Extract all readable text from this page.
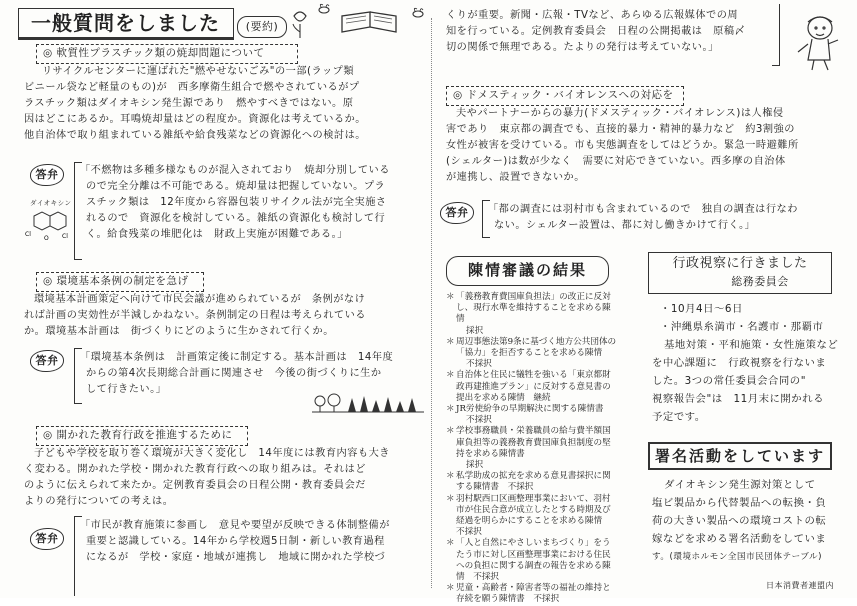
一般質問をしました	(要約)
◎ 軟質性プラスチック類の焼却問題について
リサイクルセンターに運ばれた"燃やせないごみ"の一部(ラップ類
ビニール袋など軽量のもの)が　西多摩衛生組合で燃やされているがプ
ラスチック類はダイオキシン発生源であり　燃やすべきではない。原
因はどこにあるか。耳鳴焼却量はどの程度か。資源化は考えているか。
他自治体で取り組まれている雑紙や給食残菜などの資源化への検討は。
答弁	「不燃物は多種多様なものが混入されており　焼却分別している
ので完全分離は不可能である。焼却量は把握していない。プラ
スチック類は　12年度から容器包装リサイクル法が完全実施さ
れるので　資源化を検討している。雑紙の資源化も検討して行
く。給食残菜の堆肥化は　財政上実施が困難である。」
ダイオキシン
Cl	Cl
O
◎ 環境基本条例の制定を急げ
環境基本計画策定へ向けて市民会議が進められているが　条例がなけ
れば計画の実効性が半減しかねない。条例制定の日程は考えられている
か。環境基本計画は　街づくりにどのように生かされて行くか。
答弁	「環境基本条例は　計画策定後に制定する。基本計画は　14年度
からの第4次長期総合計画に関連させ　今後の街づくりに生か
して行きたい。」
◎ 開かれた教育行政を推進するために
子どもや学校を取り巻く環境が大きく変化し　14年度には教育内容も大き
く変わる。開かれた学校・開かれた教育行政への取り組みは。それはど
のように伝えられて来たか。定例教育委員会の日程公開・教育委員会だ
よりの発行についての考えは。
答弁
「市民が教育施策に参画し　意見や要望が反映できる体制整備が
重要と認識している。14年から学校週5日制・新しい教育過程
になるが　学校・家庭・地域が連携し　地域に開かれた学校づ
くりが重要。新聞・広報・TVなど、あらゆる広報媒体での周
知を行っている。定例教育委員会　日程の公開掲載は　原稿〆
切の関係で無理である。たよりの発行は考えていない。」
◎ ドメスティック・バイオレンスへの対応を
夫やパートナーからの暴力(ドメスティック・バイオレンス)は人権侵
害であり　東京都の調査でも、直接的暴力・精神的暴力など　約3割強の
女性が被害を受けている。市も実態調査をしてはどうか。緊急一時避難所
(シェルター)は数が少なく　需要に対応できていない。西多摩の自治体
が連携し、設置できないか。
答弁	「都の調査には羽村市も含まれているので　独自の調査は行なわ
ない。シェルター設置は、都に対し働きかけて行く。」
陳情審議の結果
＊ 「義務教育費国庫負担法」の改正に反対し、現行水準を維持することを求める陳情
採択
＊ 周辺事態法第9条に基づく地方公共団体の「協力」を拒否することを求める陳情
不採択
＊ 自治体と住民に犠牲を強いる「東京都財政再建推進プラン」に反対する意見書の提出を求める陳情　 継続
＊ JR労使紛争の早期解決に関する陳情書
不採択
＊ 学校事務職員・栄養職員の給与費半額国庫負担等の義務教育費国庫負担制度の堅持を求める陳情書
採択
＊ 私学助成の拡充を求める意見書採択に関する陳情書　 不採択
＊ 羽村駅西口区画整理事業において、羽村市が住民合意が成立したとする時期及び経過を明らかにすることを求める陳情　不採択
＊ 「人と自然にやさしいまちづくり」をうたう市に対し区画整理事業における住民への負担に関する調査の報告を求める陳情　 不採択
＊ 児童・高齢者・障害者等の福祉の維持と存続を願う陳情書　 不採択
行政視察に行きました
総務委員会
・10月4日～6日
・沖縄県糸満市・名護市・那覇市
基地対策・平和施策・女性施策など
を中心課題に　行政視察を行ないま
した。3つの常任委員会合同の"
視察報告会"は　11月末に開かれる
予定です。
署名活動をしています
ダイオキシン発生源対策として
塩ビ製品から代替製品への転換・負
荷の大きい製品への環境コストの転
嫁などを求める署名活動をしていま
す。(環境ホルモン全国市民団体テーブル)
日本消費者連盟内
